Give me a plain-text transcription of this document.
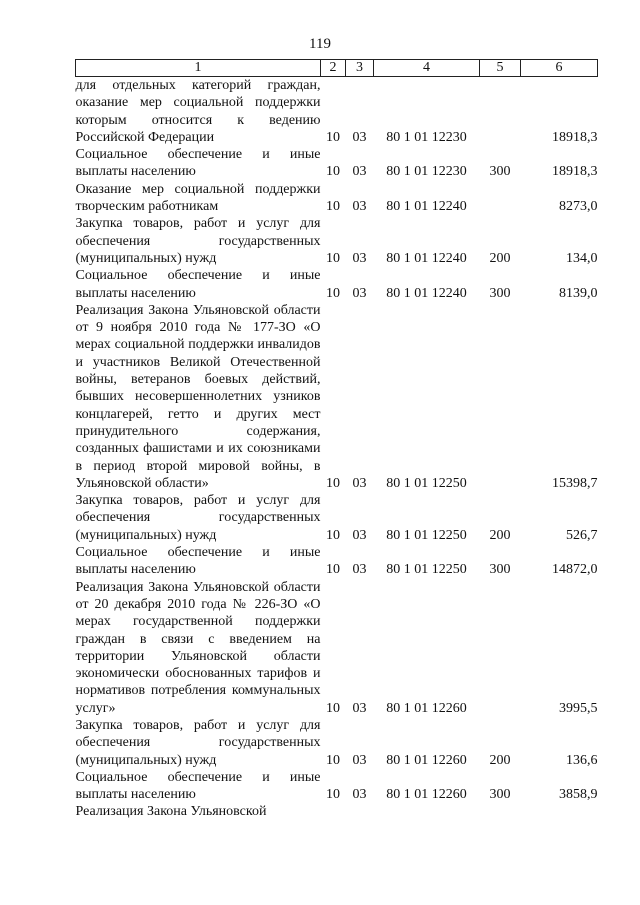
119
1	2	3	4	5	6
для отдельных категорий граждан, оказание мер социальной поддержки которым относится к ведению Российской Федерации	10	03	80 1 01 12230		18918,3
Социальное обеспечение и иные выплаты населению	10	03	80 1 01 12230	300	18918,3
Оказание мер социальной поддержки творческим работникам	10	03	80 1 01 12240		8273,0
Закупка товаров, работ и услуг для обеспечения государственных (муниципальных) нужд	10	03	80 1 01 12240	200	134,0
Социальное обеспечение и иные выплаты населению	10	03	80 1 01 12240	300	8139,0
Реализация Закона Ульяновской области от 9 ноября 2010 года № 177-ЗО «О мерах социальной поддержки инвалидов и участников Великой Отечественной войны, ветеранов боевых действий, бывших несовершеннолетних узников концлагерей, гетто и других мест принудительного содержания, созданных фашистами и их союзниками в период второй мировой войны, в Ульяновской области»	10	03	80 1 01 12250		15398,7
Закупка товаров, работ и услуг для обеспечения государственных (муниципальных) нужд	10	03	80 1 01 12250	200	526,7
Социальное обеспечение и иные выплаты населению	10	03	80 1 01 12250	300	14872,0
Реализация Закона Ульяновской области от 20 декабря 2010 года № 226-ЗО «О мерах государственной поддержки граждан в связи с введением на территории Ульяновской области экономически обоснованных тарифов и нормативов потребления коммунальных услуг»	10	03	80 1 01 12260		3995,5
Закупка товаров, работ и услуг для обеспечения государственных (муниципальных) нужд	10	03	80 1 01 12260	200	136,6
Социальное обеспечение и иные выплаты населению	10	03	80 1 01 12260	300	3858,9
Реализация Закона Ульяновской					
